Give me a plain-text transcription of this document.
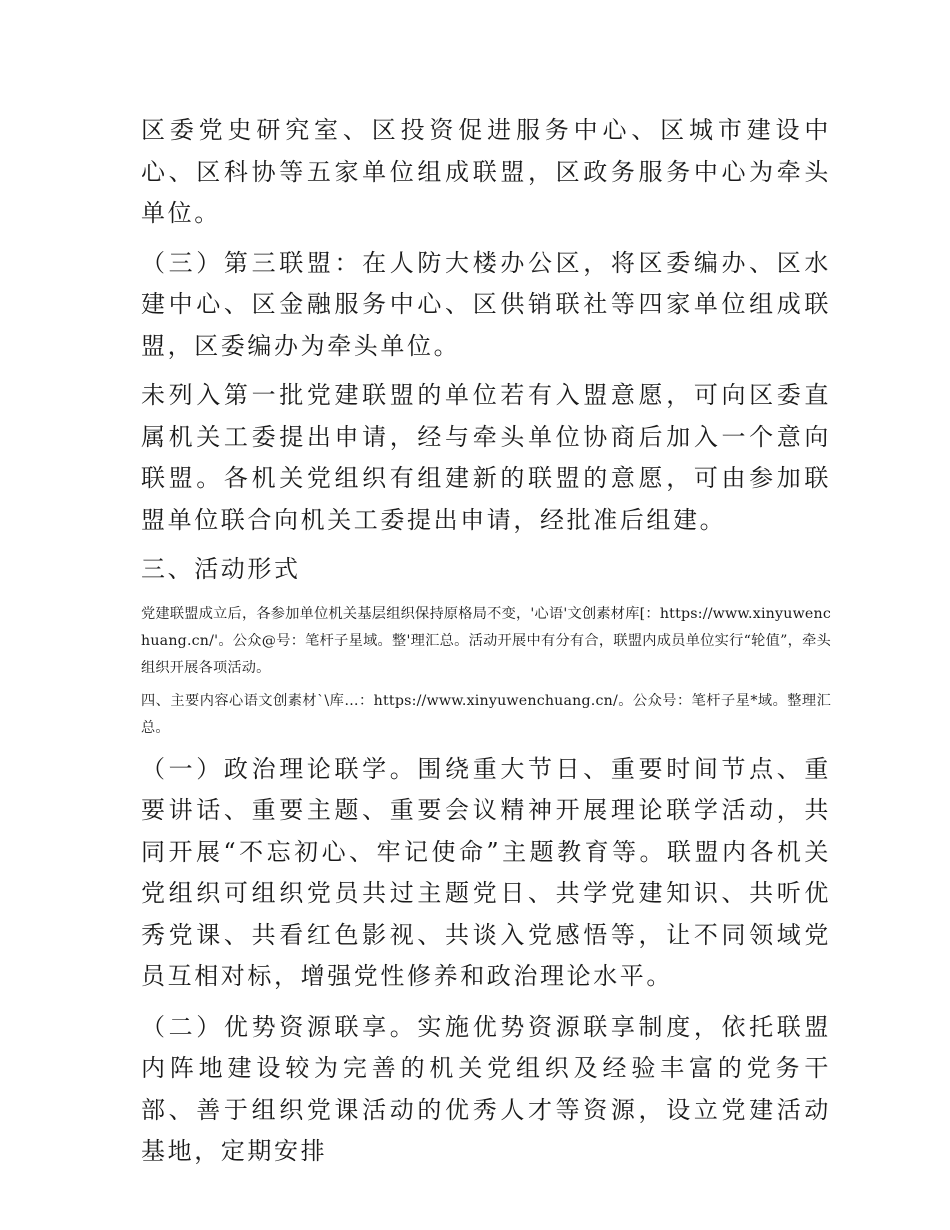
区委党史研究室、区投资促进服务中心、区城市建设中心、区科协等五家单位组成联盟，区政务服务中心为牵头单位。

（三）第三联盟：在人防大楼办公区，将区委编办、区水建中心、区金融服务中心、区供销联社等四家单位组成联盟，区委编办为牵头单位。

未列入第一批党建联盟的单位若有入盟意愿，可向区委直属机关工委提出申请，经与牵头单位协商后加入一个意向联盟。各机关党组织有组建新的联盟的意愿，可由参加联盟单位联合向机关工委提出申请，经批准后组建。

三、活动形式

党建联盟成立后，各参加单位机关基层组织保持原格局不变，'心语'文创素材库[：https://www.xinyuwenchuang.cn/'。公众@号：笔杆子星域。整'理汇总。活动开展中有分有合，联盟内成员单位实行“轮值”，牵头组织开展各项活动。

四、主要内容心语文创素材`\库…：https://www.xinyuwenchuang.cn/。公众号：笔杆子星*域。整理汇总。

（一）政治理论联学。围绕重大节日、重要时间节点、重要讲话、重要主题、重要会议精神开展理论联学活动，共同开展“不忘初心、牢记使命”主题教育等。联盟内各机关党组织可组织党员共过主题党日、共学党建知识、共听优秀党课、共看红色影视、共谈入党感悟等，让不同领域党员互相对标，增强党性修养和政治理论水平。

（二）优势资源联享。实施优势资源联享制度，依托联盟内阵地建设较为完善的机关党组织及经验丰富的党务干部、善于组织党课活动的优秀人才等资源，设立党建活动基地，定期安排
